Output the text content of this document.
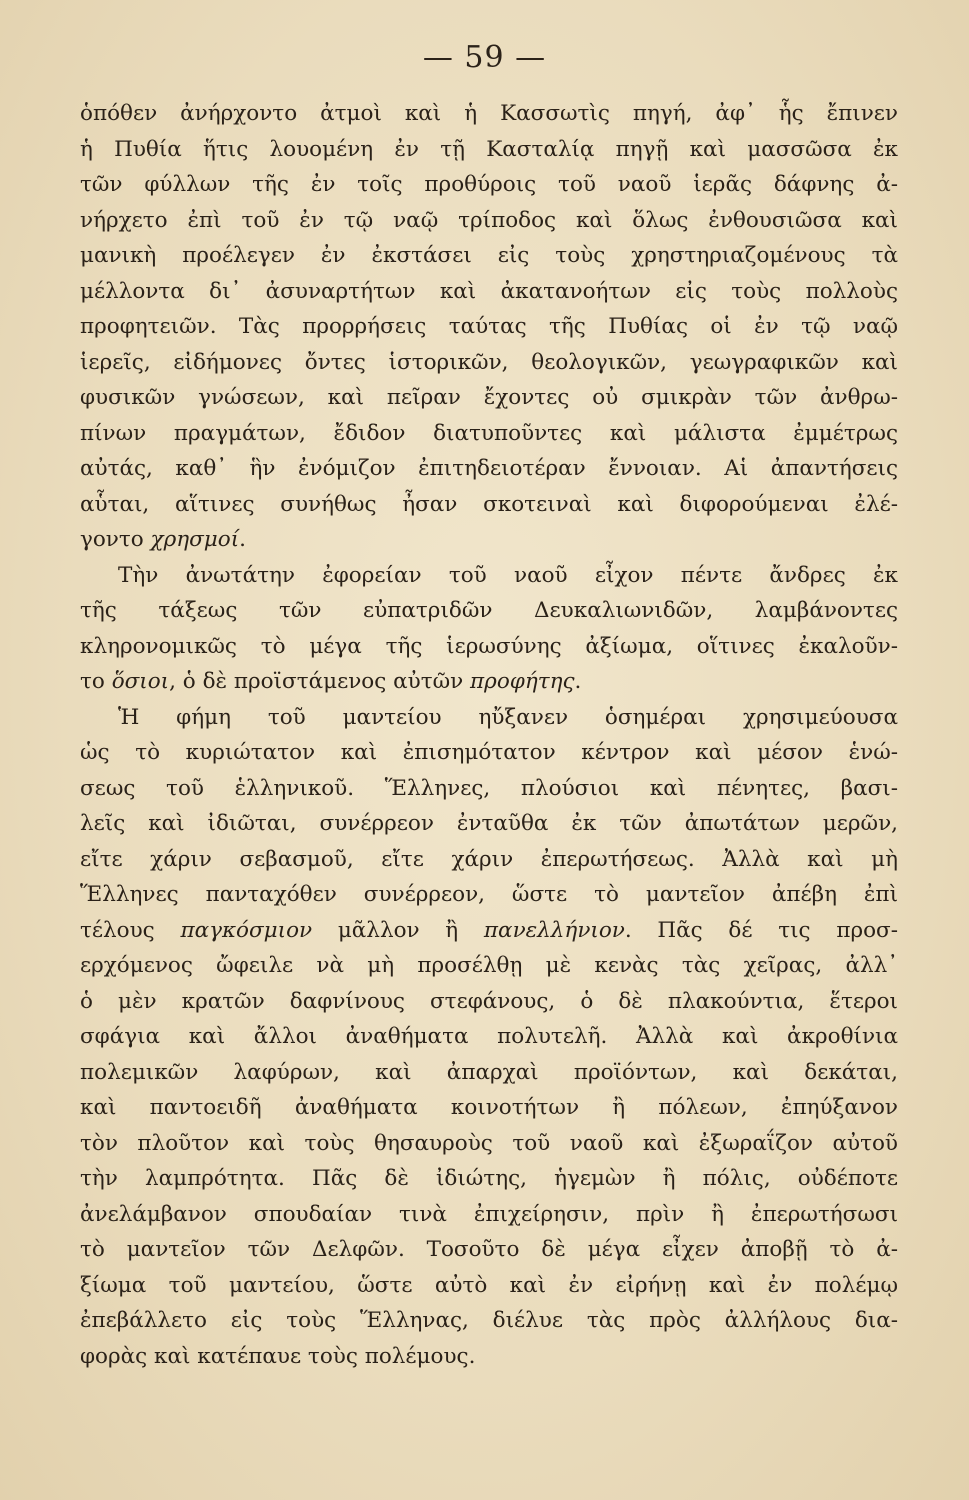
— 59 —
ὁπόθεν ἀνήρχοντο ἀτμοὶ καὶ ἡ Κασσωτὶς πηγή, ἀφ᾽ ἧς ἔπινεν
ἡ Πυθία ἥτις λουομένη ἐν τῇ Κασταλίᾳ πηγῇ καὶ μασσῶσα ἐκ
τῶν φύλλων τῆς ἐν τοῖς προθύροις τοῦ ναοῦ ἱερᾶς δάφνης ἀ-
νήρχετο ἐπὶ τοῦ ἐν τῷ ναῷ τρίποδος καὶ ὅλως ἐνθουσιῶσα καὶ
μανικὴ προέλεγεν ἐν ἐκστάσει εἰς τοὺς χρηστηριαζομένους τὰ
μέλλοντα δι᾽ ἀσυναρτήτων καὶ ἀκατανοήτων εἰς τοὺς πολλοὺς
προφητειῶν. Τὰς προρρήσεις ταύτας τῆς Πυθίας οἱ ἐν τῷ ναῷ
ἱερεῖς, εἰδήμονες ὄντες ἱστορικῶν, θεολογικῶν, γεωγραφικῶν καὶ
φυσικῶν γνώσεων, καὶ πεῖραν ἔχοντες οὐ σμικρὰν τῶν ἀνθρω-
πίνων πραγμάτων, ἔδιδον διατυποῦντες καὶ μάλιστα ἐμμέτρως
αὐτάς, καθ᾽ ἣν ἐνόμιζον ἐπιτηδειοτέραν ἔννοιαν. Αἱ ἀπαντήσεις
αὗται, αἵτινες συνήθως ἦσαν σκοτειναὶ καὶ διφορούμεναι ἐλέ-
γοντο χρησμοί.
Τὴν ἀνωτάτην ἐφορείαν τοῦ ναοῦ εἶχον πέντε ἄνδρες ἐκ
τῆς τάξεως τῶν εὐπατριδῶν Δευκαλιωνιδῶν, λαμβάνοντες
κληρονομικῶς τὸ μέγα τῆς ἱερωσύνης ἀξίωμα, οἵτινες ἐκαλοῦν-
το ὅσιοι, ὁ δὲ προϊστάμενος αὐτῶν προφήτης.
Ἡ φήμη τοῦ μαντείου ηὔξανεν ὁσημέραι χρησιμεύουσα
ὡς τὸ κυριώτατον καὶ ἐπισημότατον κέντρον καὶ μέσον ἑνώ-
σεως τοῦ ἑλληνικοῦ. Ἕλληνες, πλούσιοι καὶ πένητες, βασι-
λεῖς καὶ ἰδιῶται, συνέρρεον ἐνταῦθα ἐκ τῶν ἀπωτάτων μερῶν,
εἴτε χάριν σεβασμοῦ, εἴτε χάριν ἐπερωτήσεως. Ἀλλὰ καὶ μὴ
Ἕλληνες πανταχόθεν συνέρρεον, ὥστε τὸ μαντεῖον ἀπέβη ἐπὶ
τέλους παγκόσμιον μᾶλλον ἢ πανελλήνιον. Πᾶς δέ τις προσ-
ερχόμενος ὤφειλε νὰ μὴ προσέλθῃ μὲ κενὰς τὰς χεῖρας, ἀλλ᾽
ὁ μὲν κρατῶν δαφνίνους στεφάνους, ὁ δὲ πλακούντια, ἕτεροι
σφάγια καὶ ἄλλοι ἀναθήματα πολυτελῆ. Ἀλλὰ καὶ ἀκροθίνια
πολεμικῶν λαφύρων, καὶ ἀπαρχαὶ προϊόντων, καὶ δεκάται,
καὶ παντοειδῆ ἀναθήματα κοινοτήτων ἢ πόλεων, ἐπηύξανον
τὸν πλοῦτον καὶ τοὺς θησαυροὺς τοῦ ναοῦ καὶ ἐξωραΐζον αὐτοῦ
τὴν λαμπρότητα. Πᾶς δὲ ἰδιώτης, ἡγεμὼν ἢ πόλις, οὐδέποτε
ἀνελάμβανον σπουδαίαν τινὰ ἐπιχείρησιν, πρὶν ἢ ἐπερωτήσωσι
τὸ μαντεῖον τῶν Δελφῶν. Τοσοῦτο δὲ μέγα εἶχεν ἀποβῇ τὸ ἀ-
ξίωμα τοῦ μαντείου, ὥστε αὐτὸ καὶ ἐν εἰρήνῃ καὶ ἐν πολέμῳ
ἐπεβάλλετο εἰς τοὺς Ἕλληνας, διέλυε τὰς πρὸς ἀλλήλους δια-
φορὰς καὶ κατέπαυε τοὺς πολέμους.
